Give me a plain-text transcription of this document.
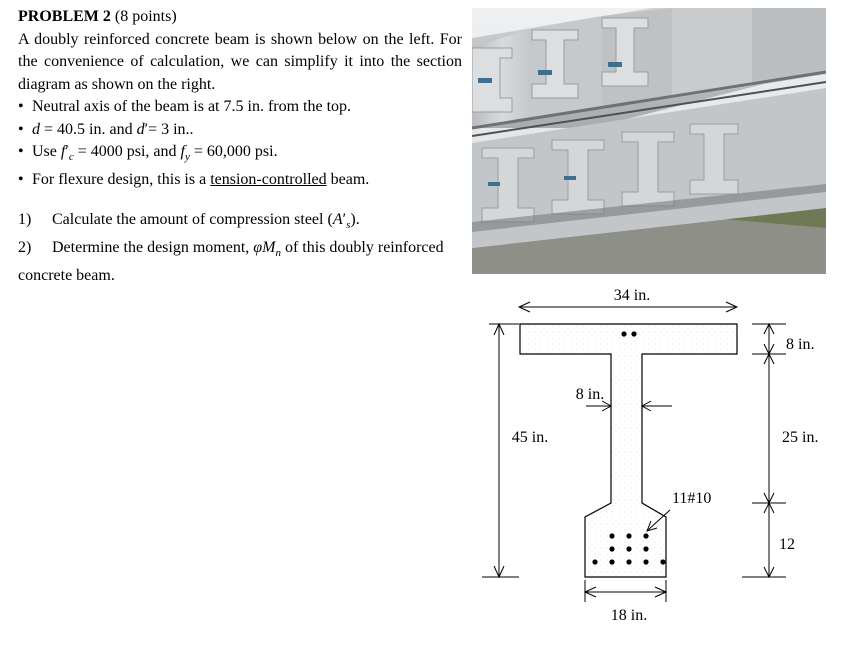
PROBLEM 2 (8 points)
A doubly reinforced concrete beam is shown below on the left. For the convenience of calculation, we can simplify it into the section diagram as shown on the right.
• Neutral axis of the beam is at 7.5 in. from the top.
• d = 40.5 in. and d′= 3 in..
• Use $f'_c = 4000$ psi, and $f_y = 60,000$ psi.
• For flexure design, this is a tension-controlled beam.
1)	Calculate the amount of compression steel $(A'_s)$.
2) Determine the design moment, $\varphi M_n$ of this doubly reinforced concrete beam.
34 in.
45 in.
8 in.
8 in.
25 in.
12
11#10
18 in.
